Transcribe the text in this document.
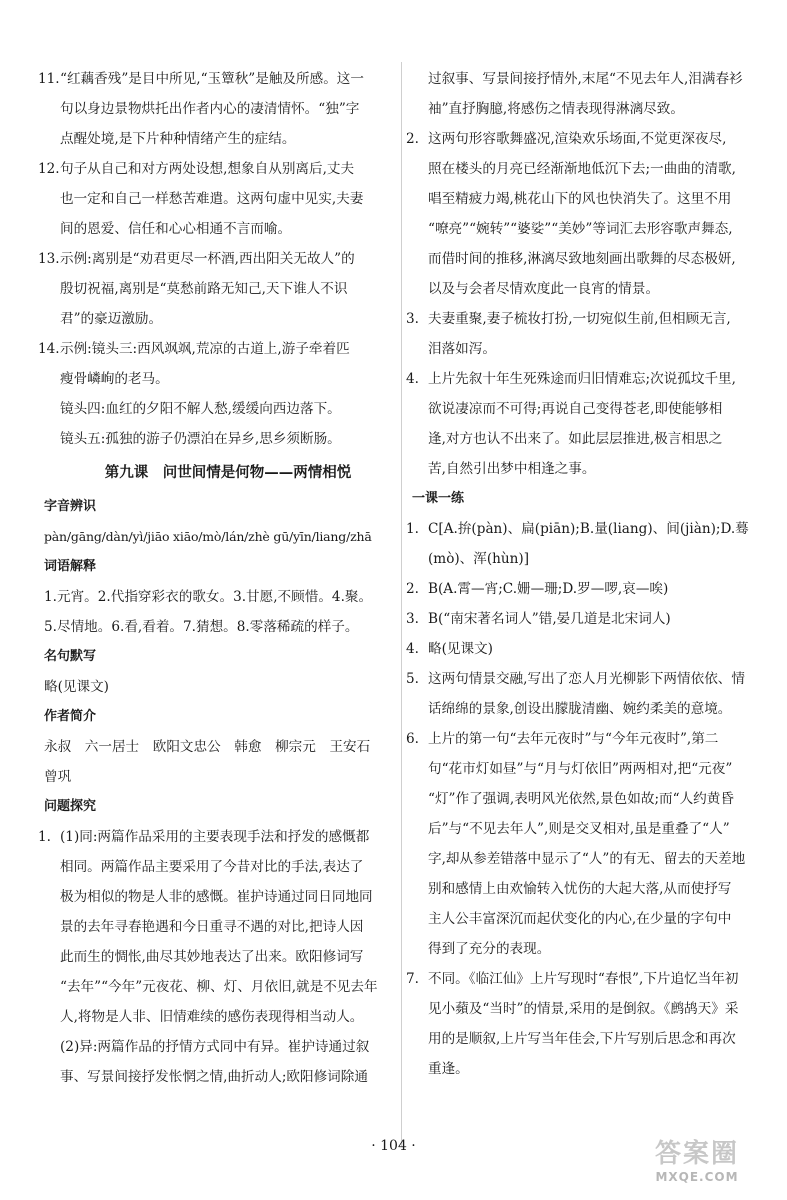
11. “红藕香残”是目中所见,“玉簟秋”是触及所感。这一
句以身边景物烘托出作者内心的凄清情怀。“独”字
点醒处境,是下片种种情绪产生的症结。
12. 句子从自己和对方两处设想,想象自从别离后,丈夫
也一定和自己一样愁苦难遣。这两句虚中见实,夫妻
间的恩爱、信任和心心相通不言而喻。
13. 示例:离别是“劝君更尽一杯酒,西出阳关无故人”的
殷切祝福,离别是“莫愁前路无知己,天下谁人不识
君”的豪迈激励。
14. 示例:镜头三:西风飒飒,荒凉的古道上,游子牵着匹
瘦骨嶙峋的老马。
镜头四:血红的夕阳不解人愁,缓缓向西边落下。
镜头五:孤独的游子仍漂泊在异乡,思乡须断肠。
第九课　问世间情是何物——两情相悦
字音辨识
pàn/gāng/dàn/yì/jiāo xiāo/mò/lán/zhè gū/yīn/liang/zhā
词语解释
1.元宵。2.代指穿彩衣的歌女。3.甘愿,不顾惜。4.聚。
5.尽情地。6.看,看着。7.猜想。8.零落稀疏的样子。
名句默写
略(见课文)
作者简介
永叔　六一居士　欧阳文忠公　韩愈　柳宗元　王安石
曾巩
问题探究
1. (1)同:两篇作品采用的主要表现手法和抒发的感慨都
相同。两篇作品主要采用了今昔对比的手法,表达了
极为相似的物是人非的感慨。崔护诗通过同日同地同
景的去年寻春艳遇和今日重寻不遇的对比,把诗人因
此而生的惆怅,曲尽其妙地表达了出来。欧阳修词写
“去年”“今年”元夜花、柳、灯、月依旧,就是不见去年
人,将物是人非、旧情难续的感伤表现得相当动人。
(2)异:两篇作品的抒情方式同中有异。崔护诗通过叙
事、写景间接抒发怅惘之情,曲折动人;欧阳修词除通
过叙事、写景间接抒情外,末尾“不见去年人,泪满春衫
袖”直抒胸臆,将感伤之情表现得淋漓尽致。
2. 这两句形容歌舞盛况,渲染欢乐场面,不觉更深夜尽,
照在楼头的月亮已经渐渐地低沉下去;一曲曲的清歌,
唱至精疲力竭,桃花山下的风也快消失了。这里不用
“嘹亮”“婉转”“婆娑”“美妙”等词汇去形容歌声舞态,
而借时间的推移,淋漓尽致地刻画出歌舞的尽态极妍,
以及与会者尽情欢度此一良宵的情景。
3. 夫妻重聚,妻子梳妆打扮,一切宛似生前,但相顾无言,
泪落如泻。
4. 上片先叙十年生死殊途而归旧情难忘;次说孤坟千里,
欲说凄凉而不可得;再说自己变得苍老,即使能够相
逢,对方也认不出来了。如此层层推进,极言相思之
苦,自然引出梦中相逢之事。
一课一练
1. C[A.拚(pàn)、扁(piān);B.量(liang)、间(jiàn);D.蓦
(mò)、浑(hùn)]
2. B(A.霄—宵;C.姗—珊;D.罗—啰,哀—唉)
3. B(“南宋著名词人”错,晏几道是北宋词人)
4. 略(见课文)
5. 这两句情景交融,写出了恋人月光柳影下两情依依、情
话绵绵的景象,创设出朦胧清幽、婉约柔美的意境。
6. 上片的第一句“去年元夜时”与“今年元夜时”,第二
句“花市灯如昼”与“月与灯依旧”两两相对,把“元夜”
“灯”作了强调,表明风光依然,景色如故;而“人约黄昏
后”与“不见去年人”,则是交叉相对,虽是重叠了“人”
字,却从参差错落中显示了“人”的有无、留去的天差地
别和感情上由欢愉转入忧伤的大起大落,从而使抒写
主人公丰富深沉而起伏变化的内心,在少量的字句中
得到了充分的表现。
7. 不同。《临江仙》上片写现时“春恨”,下片追忆当年初
见小蘋及“当时”的情景,采用的是倒叙。《鹧鸪天》采
用的是顺叙,上片写当年佳会,下片写别后思念和再次
重逢。
· 104 ·	答案圈
MXQE.COM
